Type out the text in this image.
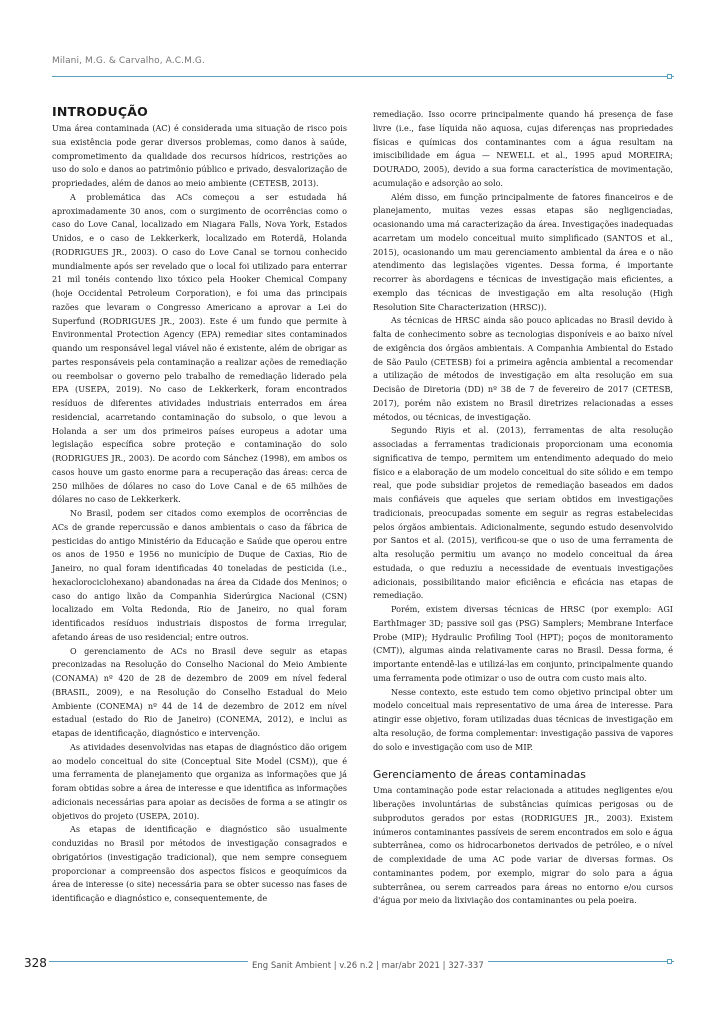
Milani, M.G. & Carvalho, A.C.M.G.
INTRODUÇÃO

Uma área contaminada (AC) é considerada uma situação de risco pois sua existência pode gerar diversos problemas, como danos à saúde, comprometimento da qualidade dos recursos hídricos, restrições ao uso do solo e danos ao patrimônio público e privado, desvalorização de propriedades, além de danos ao meio ambiente (CETESB, 2013).

A problemática das ACs começou a ser estudada há aproximadamente 30 anos, com o surgimento de ocorrências como o caso do Love Canal, localizado em Niagara Falls, Nova York, Estados Unidos, e o caso de Lekkerkerk, localizado em Roterdã, Holanda (RODRIGUES JR., 2003). O caso do Love Canal se tornou conhecido mundialmente após ser revelado que o local foi utilizado para enterrar 21 mil tonéis contendo lixo tóxico pela Hooker Chemical Company (hoje Occidental Petroleum Corporation), e foi uma das principais razões que levaram o Congresso Americano a aprovar a Lei do Superfund (RODRIGUES JR., 2003). Este é um fundo que permite à Environmental Protection Agency (EPA) remediar sites contaminados quando um responsável legal viável não é existente, além de obrigar as partes responsáveis pela contaminação a realizar ações de remediação ou reembolsar o governo pelo trabalho de remediação liderado pela EPA (USEPA, 2019). No caso de Lekkerkerk, foram encontrados resíduos de diferentes atividades industriais enterrados em área residencial, acarretando contaminação do subsolo, o que levou a Holanda a ser um dos primeiros países europeus a adotar uma legislação específica sobre proteção e contaminação do solo (RODRIGUES JR., 2003). De acordo com Sánchez (1998), em ambos os casos houve um gasto enorme para a recuperação das áreas: cerca de 250 milhões de dólares no caso do Love Canal e de 65 milhões de dólares no caso de Lekkerkerk.

No Brasil, podem ser citados como exemplos de ocorrências de ACs de grande repercussão e danos ambientais o caso da fábrica de pesticidas do antigo Ministério da Educação e Saúde que operou entre os anos de 1950 e 1956 no município de Duque de Caxias, Rio de Janeiro, no qual foram identificadas 40 toneladas de pesticida (i.e., hexaclorociclohexano) abandonadas na área da Cidade dos Meninos; o caso do antigo lixão da Companhia Siderúrgica Nacional (CSN) localizado em Volta Redonda, Rio de Janeiro, no qual foram identificados resíduos industriais dispostos de forma irregular, afetando áreas de uso residencial; entre outros.

O gerenciamento de ACs no Brasil deve seguir as etapas preconizadas na Resolução do Conselho Nacional do Meio Ambiente (CONAMA) nº 420 de 28 de dezembro de 2009 em nível federal (BRASIL, 2009), e na Resolução do Conselho Estadual do Meio Ambiente (CONEMA) nº 44 de 14 de dezembro de 2012 em nível estadual (estado do Rio de Janeiro) (CONEMA, 2012), e inclui as etapas de identificação, diagnóstico e intervenção.

As atividades desenvolvidas nas etapas de diagnóstico dão origem ao modelo conceitual do site (Conceptual Site Model (CSM)), que é uma ferramenta de planejamento que organiza as informações que já foram obtidas sobre a área de interesse e que identifica as informações adicionais necessárias para apoiar as decisões de forma a se atingir os objetivos do projeto (USEPA, 2010).

As etapas de identificação e diagnóstico são usualmente conduzidas no Brasil por métodos de investigação consagrados e obrigatórios (investigação tradicional), que nem sempre conseguem proporcionar a compreensão dos aspectos físicos e geoquímicos da área de interesse (o site) necessária para se obter sucesso nas fases de identificação e diagnóstico e, consequentemente, de

remediação. Isso ocorre principalmente quando há presença de fase livre (i.e., fase líquida não aquosa, cujas diferenças nas propriedades físicas e químicas dos contaminantes com a água resultam na imiscibilidade em água — NEWELL et al., 1995 apud MOREIRA; DOURADO, 2005), devido a sua forma característica de movimentação, acumulação e adsorção ao solo.

Além disso, em função principalmente de fatores financeiros e de planejamento, muitas vezes essas etapas são negligenciadas, ocasionando uma má caracterização da área. Investigações inadequadas acarretam um modelo conceitual muito simplificado (SANTOS et al., 2015), ocasionando um mau gerenciamento ambiental da área e o não atendimento das legislações vigentes. Dessa forma, é importante recorrer às abordagens e técnicas de investigação mais eficientes, a exemplo das técnicas de investigação em alta resolução (High Resolution Site Characterization (HRSC)).

As técnicas de HRSC ainda são pouco aplicadas no Brasil devido à falta de conhecimento sobre as tecnologias disponíveis e ao baixo nível de exigência dos órgãos ambientais. A Companhia Ambiental do Estado de São Paulo (CETESB) foi a primeira agência ambiental a recomendar a utilização de métodos de investigação em alta resolução em sua Decisão de Diretoria (DD) nº 38 de 7 de fevereiro de 2017 (CETESB, 2017), porém não existem no Brasil diretrizes relacionadas a esses métodos, ou técnicas, de investigação.

Segundo Riyis et al. (2013), ferramentas de alta resolução associadas a ferramentas tradicionais proporcionam uma economia significativa de tempo, permitem um entendimento adequado do meio físico e a elaboração de um modelo conceitual do site sólido e em tempo real, que pode subsidiar projetos de remediação baseados em dados mais confiáveis que aqueles que seriam obtidos em investigações tradicionais, preocupadas somente em seguir as regras estabelecidas pelos órgãos ambientais. Adicionalmente, segundo estudo desenvolvido por Santos et al. (2015), verificou-se que o uso de uma ferramenta de alta resolução permitiu um avanço no modelo conceitual da área estudada, o que reduziu a necessidade de eventuais investigações adicionais, possibilitando maior eficiência e eficácia nas etapas de remediação.

Porém, existem diversas técnicas de HRSC (por exemplo: AGI EarthImager 3D; passive soil gas (PSG) Samplers; Membrane Interface Probe (MIP); Hydraulic Profiling Tool (HPT); poços de monitoramento (CMT)), algumas ainda relativamente caras no Brasil. Dessa forma, é importante entendê-las e utilizá-las em conjunto, principalmente quando uma ferramenta pode otimizar o uso de outra com custo mais alto.

Nesse contexto, este estudo tem como objetivo principal obter um modelo conceitual mais representativo de uma área de interesse. Para atingir esse objetivo, foram utilizadas duas técnicas de investigação em alta resolução, de forma complementar: investigação passiva de vapores do solo e investigação com uso de MIP.

Gerenciamento de áreas contaminadas

Uma contaminação pode estar relacionada a atitudes negligentes e/ou liberações involuntárias de substâncias químicas perigosas ou de subprodutos gerados por estas (RODRIGUES JR., 2003). Existem inúmeros contaminantes passíveis de serem encontrados em solo e água subterrânea, como os hidrocarbonetos derivados de petróleo, e o nível de complexidade de uma AC pode variar de diversas formas. Os contaminantes podem, por exemplo, migrar do solo para a água subterrânea, ou serem carreados para áreas no entorno e/ou cursos d'água por meio da lixiviação dos contaminantes ou pela poeira.

328	Eng Sanit Ambient | v.26 n.2 | mar/abr 2021 | 327-337
